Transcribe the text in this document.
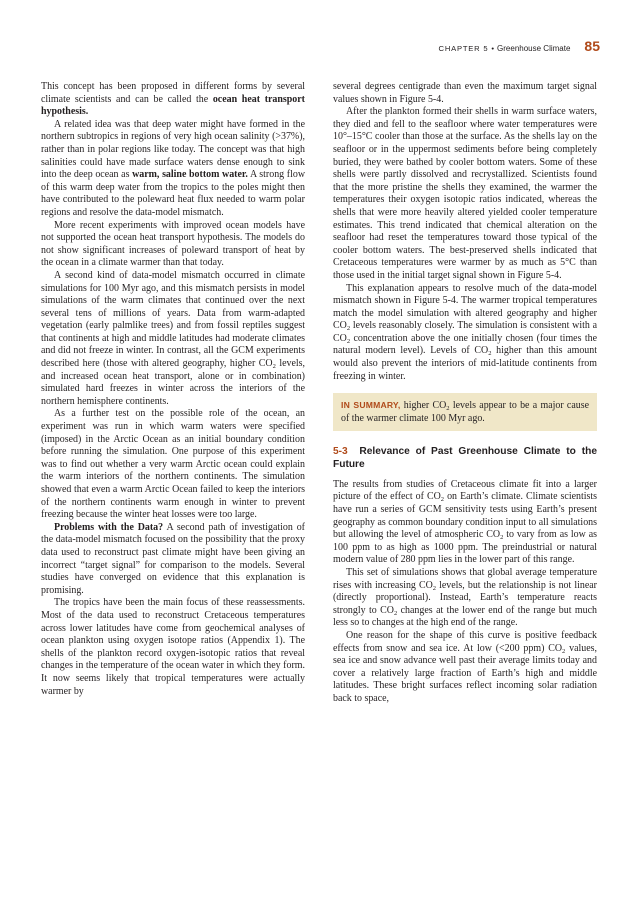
CHAPTER 5 • Greenhouse Climate 85

This concept has been proposed in different forms by several climate scientists and can be called the ocean heat transport hypothesis.

A related idea was that deep water might have formed in the northern subtropics in regions of very high ocean salinity (>37%), rather than in polar regions like today. The concept was that high salinities could have made surface waters dense enough to sink into the deep ocean as warm, saline bottom water. A strong flow of this warm deep water from the tropics to the poles might then have contributed to the poleward heat flux needed to warm polar regions and resolve the data-model mismatch.

More recent experiments with improved ocean models have not supported the ocean heat transport hypothesis. The models do not show significant increases of poleward transport of heat by the ocean in a climate warmer than that today.

A second kind of data-model mismatch occurred in climate simulations for 100 Myr ago, and this mismatch persists in model simulations of the warm climates that continued over the next several tens of millions of years. Data from warm-adapted vegetation (early palmlike trees) and from fossil reptiles suggest that continents at high and middle latitudes had moderate climates and did not freeze in winter. In contrast, all the GCM experiments described here (those with altered geography, higher $CO_2$ levels, and increased ocean heat transport, alone or in combination) simulated hard freezes in winter across the interiors of the northern hemisphere continents.

As a further test on the possible role of the ocean, an experiment was run in which warm waters were specified (imposed) in the Arctic Ocean as an initial boundary condition before running the simulation. One purpose of this experiment was to find out whether a very warm Arctic ocean could explain the warm interiors of the northern continents. The simulation showed that even a warm Arctic Ocean failed to keep the interiors of the northern continents warm enough in winter to prevent freezing because the winter heat losses were too large.

Problems with the Data? A second path of investigation of the data-model mismatch focused on the possibility that the proxy data used to reconstruct past climate might have been giving an incorrect “target signal” for comparison to the models. Several studies have converged on evidence that this explanation is promising.

The tropics have been the main focus of these reassessments. Most of the data used to reconstruct Cretaceous temperatures across lower latitudes have come from geochemical analyses of ocean plankton using oxygen isotope ratios (Appendix 1). The shells of the plankton record oxygen-isotopic ratios that reveal changes in the temperature of the ocean water in which they form. It now seems likely that tropical temperatures were actually warmer by

several degrees centigrade than even the maximum target signal values shown in Figure 5-4.

After the plankton formed their shells in warm surface waters, they died and fell to the seafloor where water temperatures were 10°–15°C cooler than those at the surface. As the shells lay on the seafloor or in the uppermost sediments before being completely buried, they were bathed by cooler bottom waters. Some of these shells were partly dissolved and recrystallized. Scientists found that the more pristine the shells they examined, the warmer the temperatures their oxygen isotopic ratios indicated, whereas the shells that were more heavily altered yielded cooler temperature estimates. This trend indicated that chemical alteration on the seafloor had reset the temperatures toward those typical of the cooler bottom waters. The best-preserved shells indicated that Cretaceous temperatures were warmer by as much as 5°C than those used in the initial target signal shown in Figure 5-4.

This explanation appears to resolve much of the data-model mismatch shown in Figure 5-4. The warmer tropical temperatures match the model simulation with altered geography and higher $CO_2$ levels reasonably closely. The simulation is consistent with a $CO_2$ concentration above the one initially chosen (four times the natural modern level). Levels of $CO_2$ higher than this amount would also prevent the interiors of mid-latitude continents from freezing in winter.

IN SUMMARY, higher $CO_2$ levels appear to be a major cause of the warmer climate 100 Myr ago.
5-3 Relevance of Past Greenhouse Climate to the Future

The results from studies of Cretaceous climate fit into a larger picture of the effect of $CO_2$ on Earth’s climate. Climate scientists have run a series of GCM sensitivity tests using Earth’s present geography as common boundary condition input to all simulations but allowing the level of atmospheric $CO_2$ to vary from as low as 100 ppm to as high as 1000 ppm. The preindustrial or natural modern value of 280 ppm lies in the lower part of this range.

This set of simulations shows that global average temperature rises with increasing $CO_2$ levels, but the relationship is not linear (directly proportional). Instead, Earth’s temperature reacts strongly to $CO_2$ changes at the lower end of the range but much less so to changes at the high end of the range.

One reason for the shape of this curve is positive feedback effects from snow and sea ice. At low (<200 ppm) $CO_2$ values, sea ice and snow advance well past their average limits today and cover a relatively large fraction of Earth’s high and middle latitudes. These bright surfaces reflect incoming solar radiation back to space,
